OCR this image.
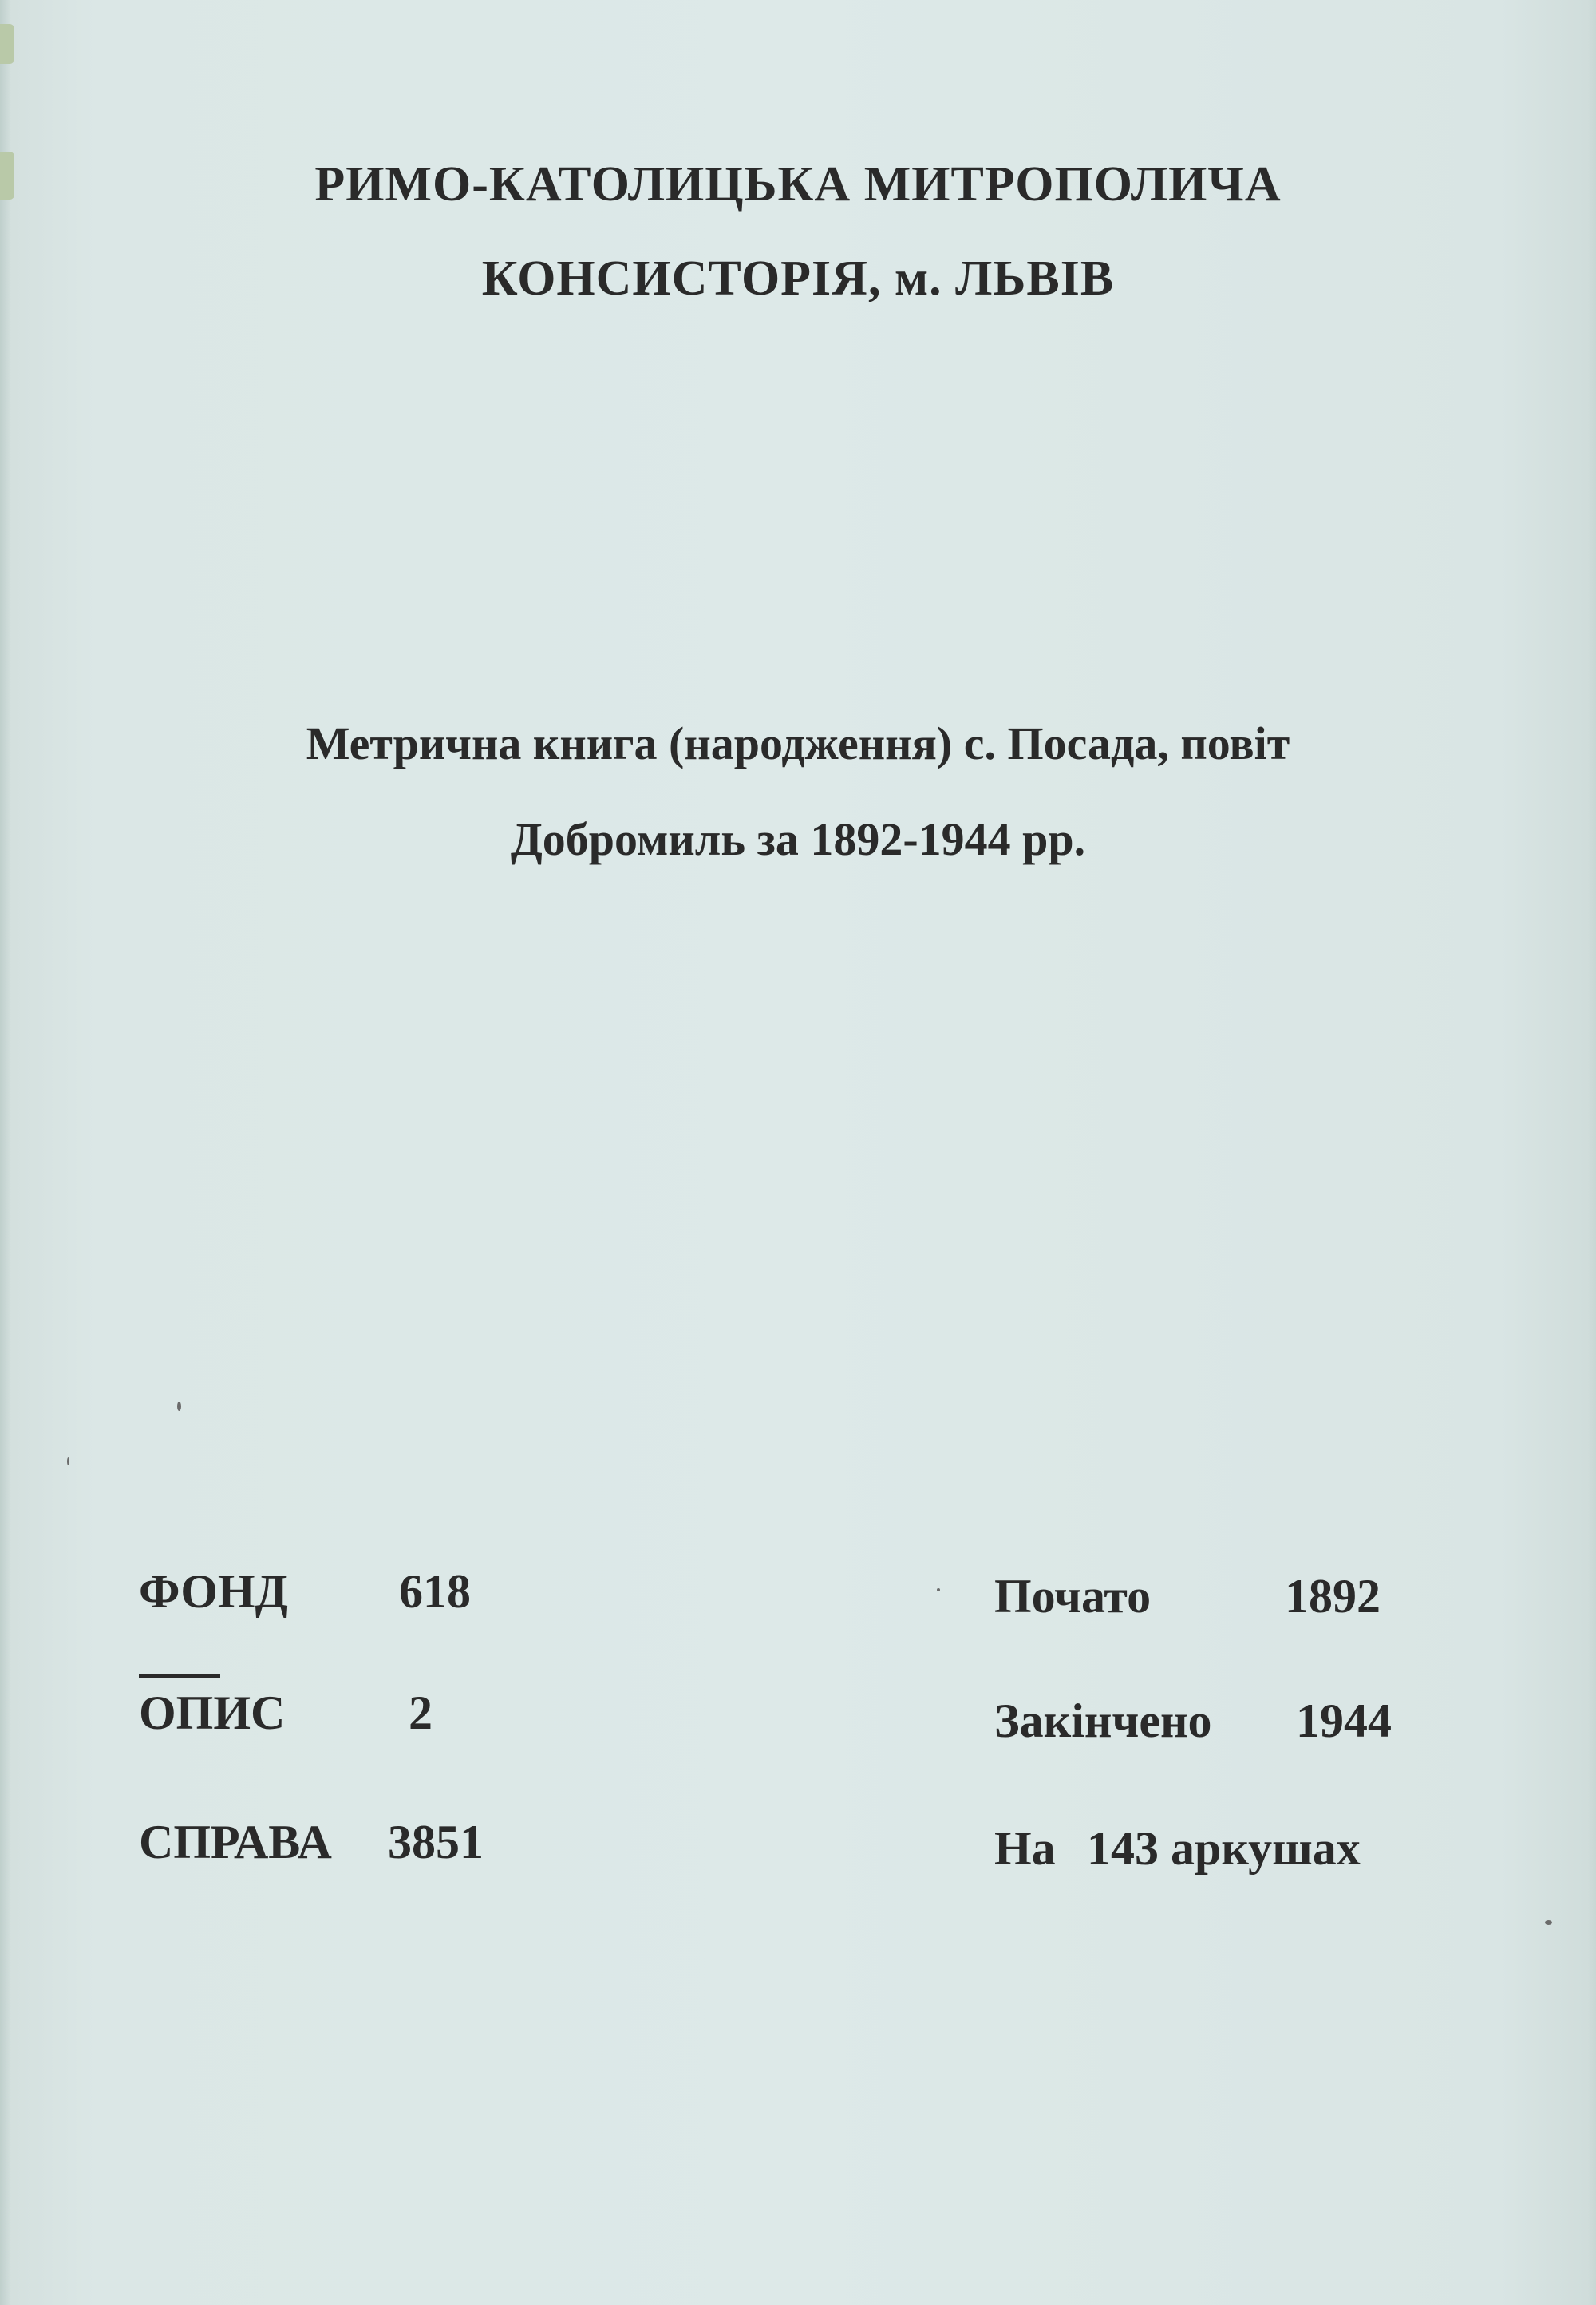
РИМО-КАТОЛИЦЬКА МИТРОПОЛИЧА
КОНСИСТОРІЯ, м. ЛЬВІВ
Метрична книга (народження) с. Посада, повіт
Добромиль за 1892-1944 рр.
ФОНД 618
ОПИС	2
СПРАВА 3851
Почато	1892
Закінчено 1944
На 143 аркушах
